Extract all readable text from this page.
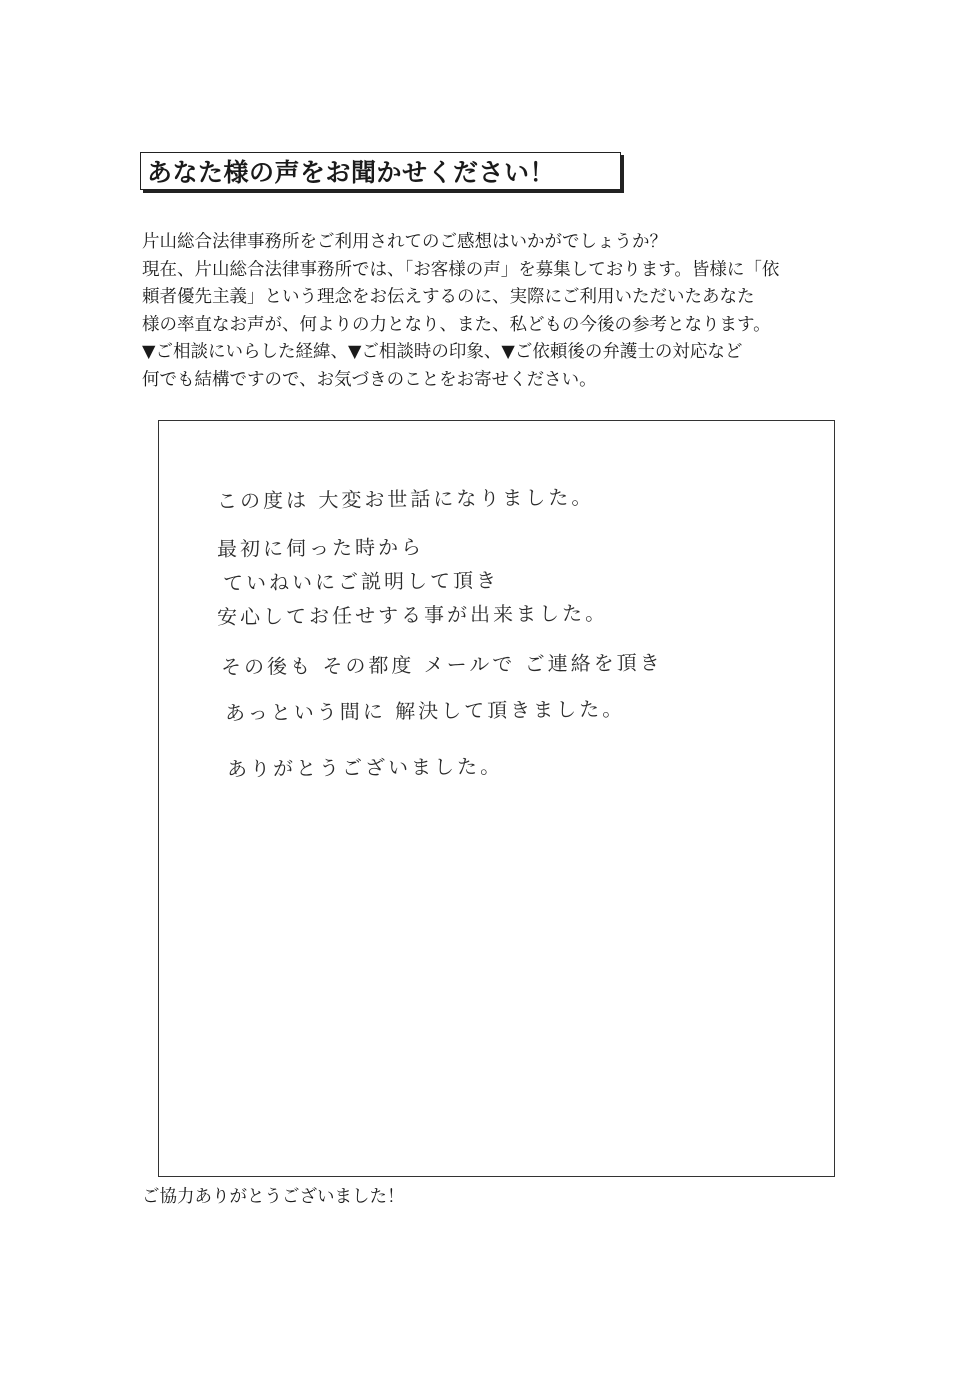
あなた様の声をお聞かせください！
片山総合法律事務所をご利用されてのご感想はいかがでしょうか？
現在、片山総合法律事務所では、「お客様の声」を募集しております。皆様に「依
頼者優先主義」という理念をお伝えするのに、実際にご利用いただいたあなた
様の率直なお声が、何よりの力となり、また、私どもの今後の参考となります。
▼ご相談にいらした経緯、▼ご相談時の印象、▼ご依頼後の弁護士の対応など
何でも結構ですので、お気づきのことをお寄せください。
この度は 大変お世話になりました。
最初に伺った時から
ていねいにご説明して頂き
安心してお任せする事が出来ました。
その後も その都度 メールで ご連絡を頂き
あっという間に 解決して頂きました。
ありがとうございました。
ご協力ありがとうございました！
